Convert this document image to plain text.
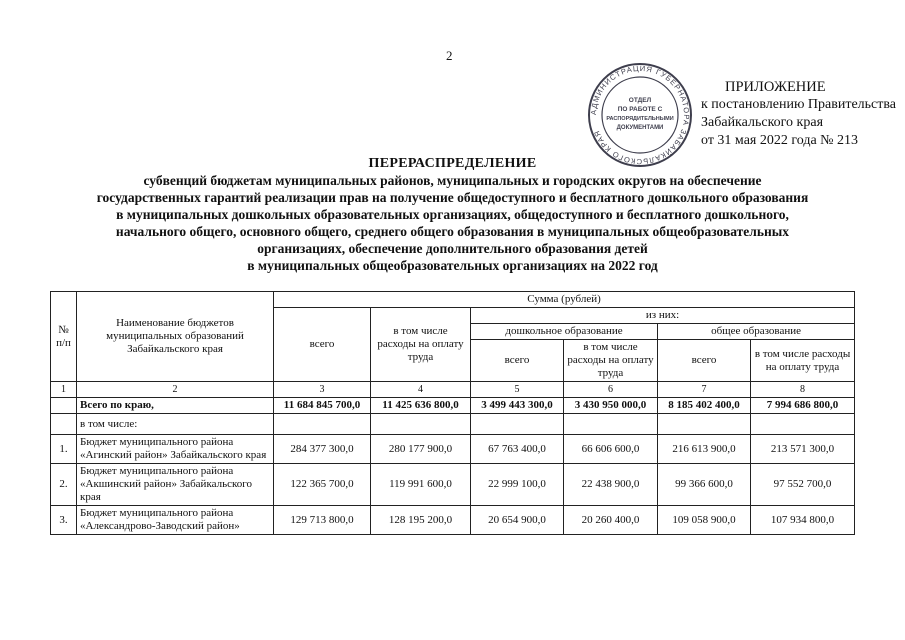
2
АДМИНИСТРАЦИЯ ГУБЕРНАТОРА ЗАБАЙКАЛЬСКОГО КРАЯ
ОТДЕЛ
ПО РАБОТЕ С
РАСПОРЯДИТЕЛЬНЫМИ
ДОКУМЕНТАМИ
ПРИЛОЖЕНИЕ
к постановлению Правительства
Забайкальского края
от 31 мая 2022 года № 213
ПЕРЕРАСПРЕДЕЛЕНИЕ
субвенций бюджетам муниципальных районов, муниципальных и городских округов на обеспечение
государственных гарантий реализации прав на получение общедоступного и бесплатного дошкольного образования
в муниципальных дошкольных образовательных организациях, общедоступного и бесплатного дошкольного,
начального общего, основного общего, среднего общего образования в муниципальных общеобразовательных
организациях, обеспечение дополнительного образования детей
в муниципальных общеобразовательных организациях на 2022 год
№ п/п	Наименование бюджетов муниципальных образований Забайкальского края	Сумма (рублей)					
		всего	в том числе расходы на оплату труда	из них:			
				дошкольное образование		общее образование	
				всего	в том числе расходы на оплату труда	всего	в том числе расходы на оплату труда
1	2	3	4	5	6	7	8
	Всего по краю,	11 684 845 700,0	11 425 636 800,0	3 499 443 300,0	3 430 950 000,0	8 185 402 400,0	7 994 686 800,0
	в том числе:						
1.	Бюджет муниципального района «Агинский район» Забайкальского края	284 377 300,0	280 177 900,0	67 763 400,0	66 606 600,0	216 613 900,0	213 571 300,0
2.	Бюджет муниципального района «Акшинский район» Забайкальского края	122 365 700,0	119 991 600,0	22 999 100,0	22 438 900,0	99 366 600,0	97 552 700,0
3.	Бюджет муниципального района «Александрово-Заводский район»	129 713 800,0	128 195 200,0	20 654 900,0	20 260 400,0	109 058 900,0	107 934 800,0
